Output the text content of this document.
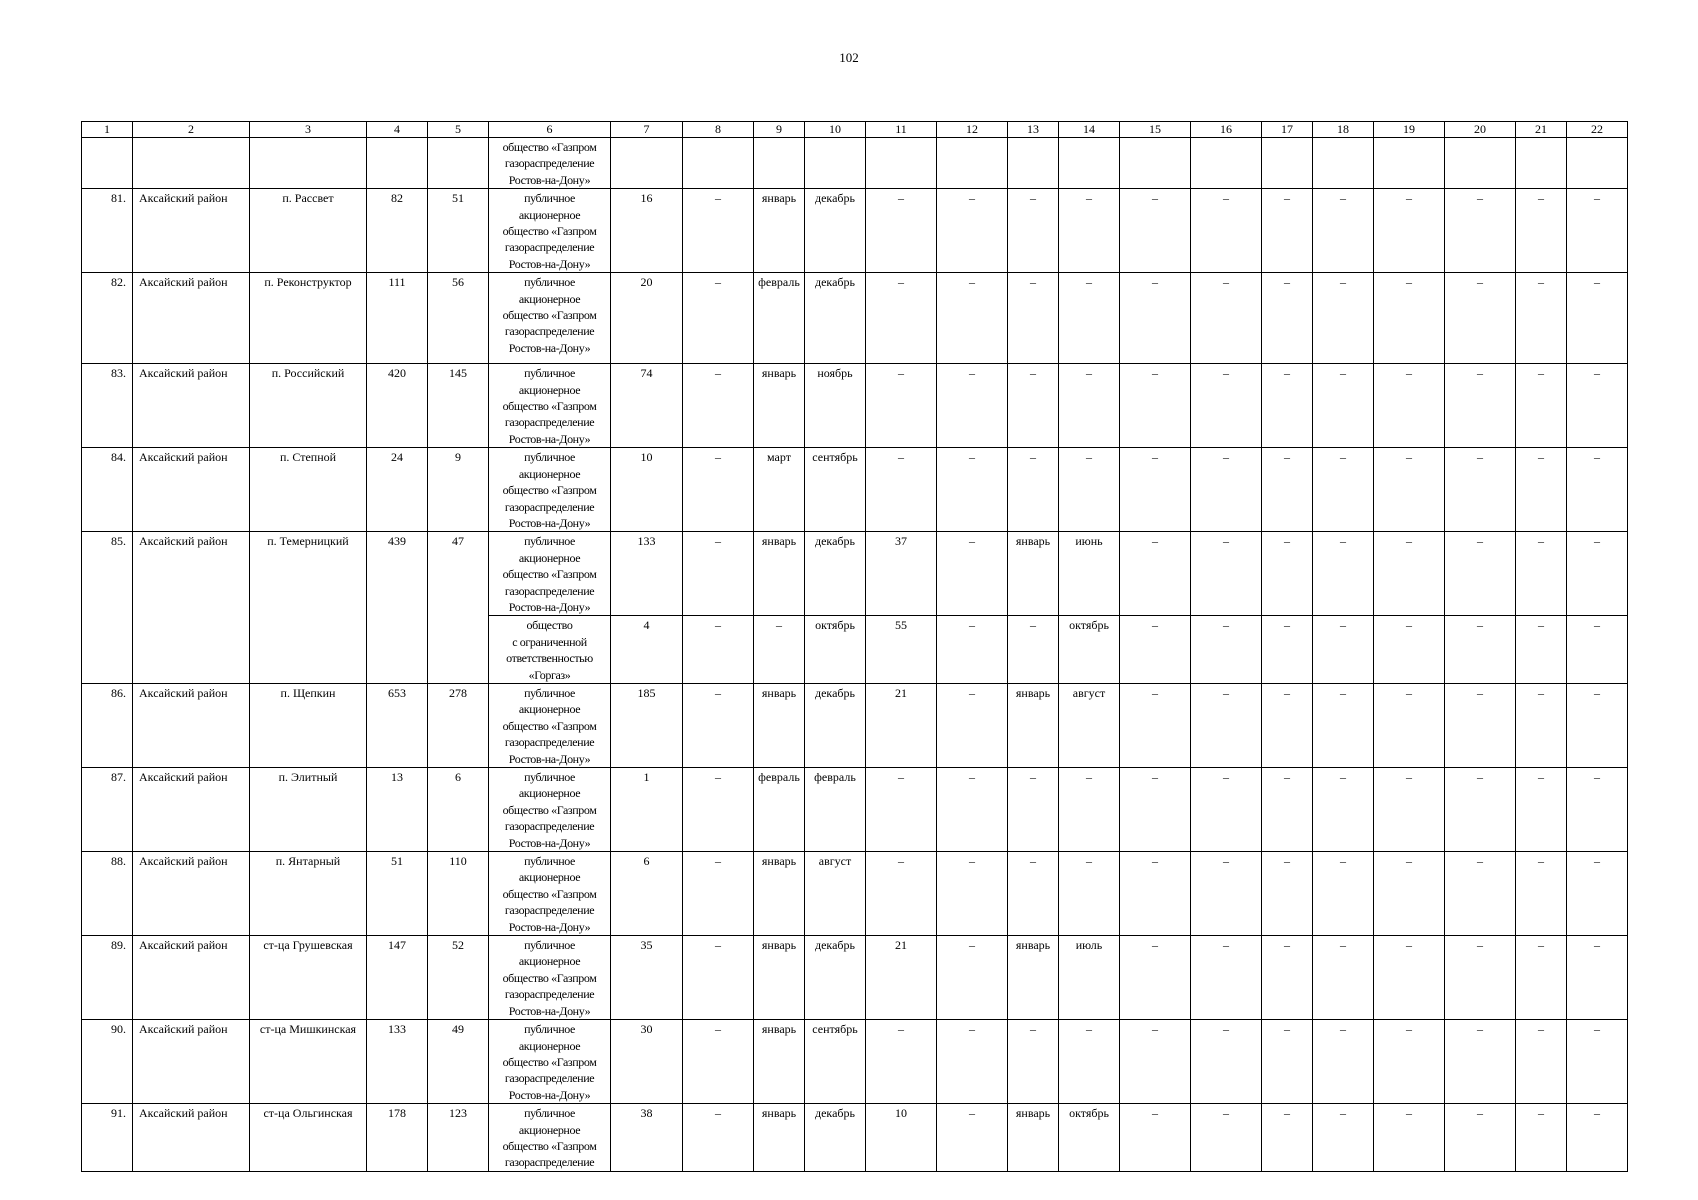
102
1	2	3	4	5	6	7	8	9	10	11	12	13	14	15	16	17	18	19	20	21	22
					общество «Газпром
газораспределение
Ростов-на-Дону»																
81.	Аксайский район	п. Рассвет	82	51	публичное
акционерное
общество «Газпром
газораспределение
Ростов-на-Дону»	16	–	январь	декабрь	–	–	–	–	–	–	–	–	–	–	–	–
82.	Аксайский район	п. Реконструктор	111	56	публичное
акционерное
общество «Газпром
газораспределение
Ростов-на-Дону»	20	–	февраль	декабрь	–	–	–	–	–	–	–	–	–	–	–	–
83.	Аксайский район	п. Российский	420	145	публичное
акционерное
общество «Газпром
газораспределение
Ростов-на-Дону»	74	–	январь	ноябрь	–	–	–	–	–	–	–	–	–	–	–	–
84.	Аксайский район	п. Степной	24	9	публичное
акционерное
общество «Газпром
газораспределение
Ростов-на-Дону»	10	–	март	сентябрь	–	–	–	–	–	–	–	–	–	–	–	–
85.	Аксайский район	п. Темерницкий	439	47	публичное
акционерное
общество «Газпром
газораспределение
Ростов-на-Дону»	133	–	январь	декабрь	37	–	январь	июнь	–	–	–	–	–	–	–	–
					общество
с ограниченной
ответственностью
«Горгаз»	4	–	–	октябрь	55	–	–	октябрь	–	–	–	–	–	–	–	–
86.	Аксайский район	п. Щепкин	653	278	публичное
акционерное
общество «Газпром
газораспределение
Ростов-на-Дону»	185	–	январь	декабрь	21	–	январь	август	–	–	–	–	–	–	–	–
87.	Аксайский район	п. Элитный	13	6	публичное
акционерное
общество «Газпром
газораспределение
Ростов-на-Дону»	1	–	февраль	февраль	–	–	–	–	–	–	–	–	–	–	–	–
88.	Аксайский район	п. Янтарный	51	110	публичное
акционерное
общество «Газпром
газораспределение
Ростов-на-Дону»	6	–	январь	август	–	–	–	–	–	–	–	–	–	–	–	–
89.	Аксайский район	ст-ца Грушевская	147	52	публичное
акционерное
общество «Газпром
газораспределение
Ростов-на-Дону»	35	–	январь	декабрь	21	–	январь	июль	–	–	–	–	–	–	–	–
90.	Аксайский район	ст-ца Мишкинская	133	49	публичное
акционерное
общество «Газпром
газораспределение
Ростов-на-Дону»	30	–	январь	сентябрь	–	–	–	–	–	–	–	–	–	–	–	–
91.	Аксайский район	ст-ца Ольгинская	178	123	публичное
акционерное
общество «Газпром
газораспределение	38	–	январь	декабрь	10	–	январь	октябрь	–	–	–	–	–	–	–	–
